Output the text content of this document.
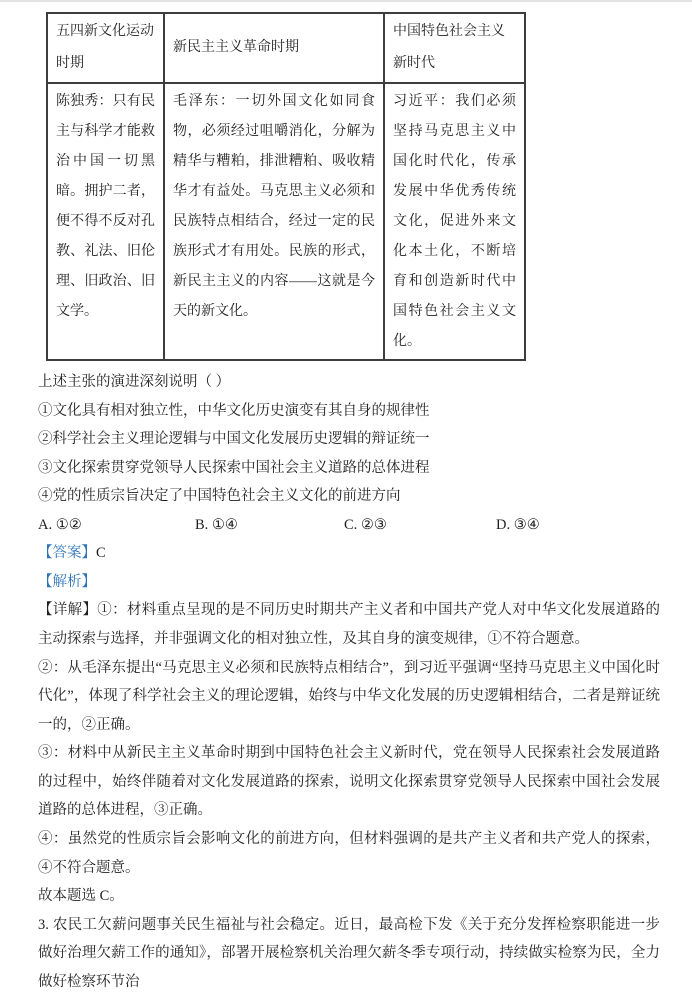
五四新文化运动时期	新民主主义革命时期	中国特色社会主义新时代
陈独秀：只有民主与科学才能救治中国一切黑暗。拥护二者，便不得不反对孔教、礼法、旧伦理、旧政治、旧文学。	毛泽东：一切外国文化如同食物，必须经过咀嚼消化，分解为精华与糟粕，排泄糟粕、吸收精华才有益处。马克思主义必须和民族特点相结合，经过一定的民族形式才有用处。民族的形式，新民主主义的内容——这就是今天的新文化。	习近平：我们必须坚持马克思主义中国化时代化，传承发展中华优秀传统文化，促进外来文化本土化，不断培育和创造新时代中国特色社会主义文化。

上述主张的演进深刻说明（ ）

①文化具有相对独立性，中华文化历史演变有其自身的规律性

②科学社会主义理论逻辑与中国文化发展历史逻辑的辩证统一

③文化探索贯穿党领导人民探索中国社会主义道路的总体进程

④党的性质宗旨决定了中国特色社会主义文化的前进方向

A. ①②	B. ①④	C. ②③	D. ③④

【答案】C

【解析】

【详解】①：材料重点呈现的是不同历史时期共产主义者和中国共产党人对中华文化发展道路的主动探索与选择，并非强调文化的相对独立性，及其自身的演变规律，①不符合题意。

②：从毛泽东提出“马克思主义必须和民族特点相结合”，到习近平强调“坚持马克思主义中国化时代化”，体现了科学社会主义的理论逻辑，始终与中华文化发展的历史逻辑相结合，二者是辩证统一的，②正确。

③：材料中从新民主主义革命时期到中国特色社会主义新时代，党在领导人民探索社会发展道路的过程中，始终伴随着对文化发展道路的探索，说明文化探索贯穿党领导人民探索中国社会发展道路的总体进程，③正确。

④：虽然党的性质宗旨会影响文化的前进方向，但材料强调的是共产主义者和共产党人的探索，④不符合题意。

故本题选 C。

3. 农民工欠薪问题事关民生福祉与社会稳定。近日，最高检下发《关于充分发挥检察职能进一步做好治理欠薪工作的通知》，部署开展检察机关治理欠薪冬季专项行动，持续做实检察为民，全力做好检察环节治
